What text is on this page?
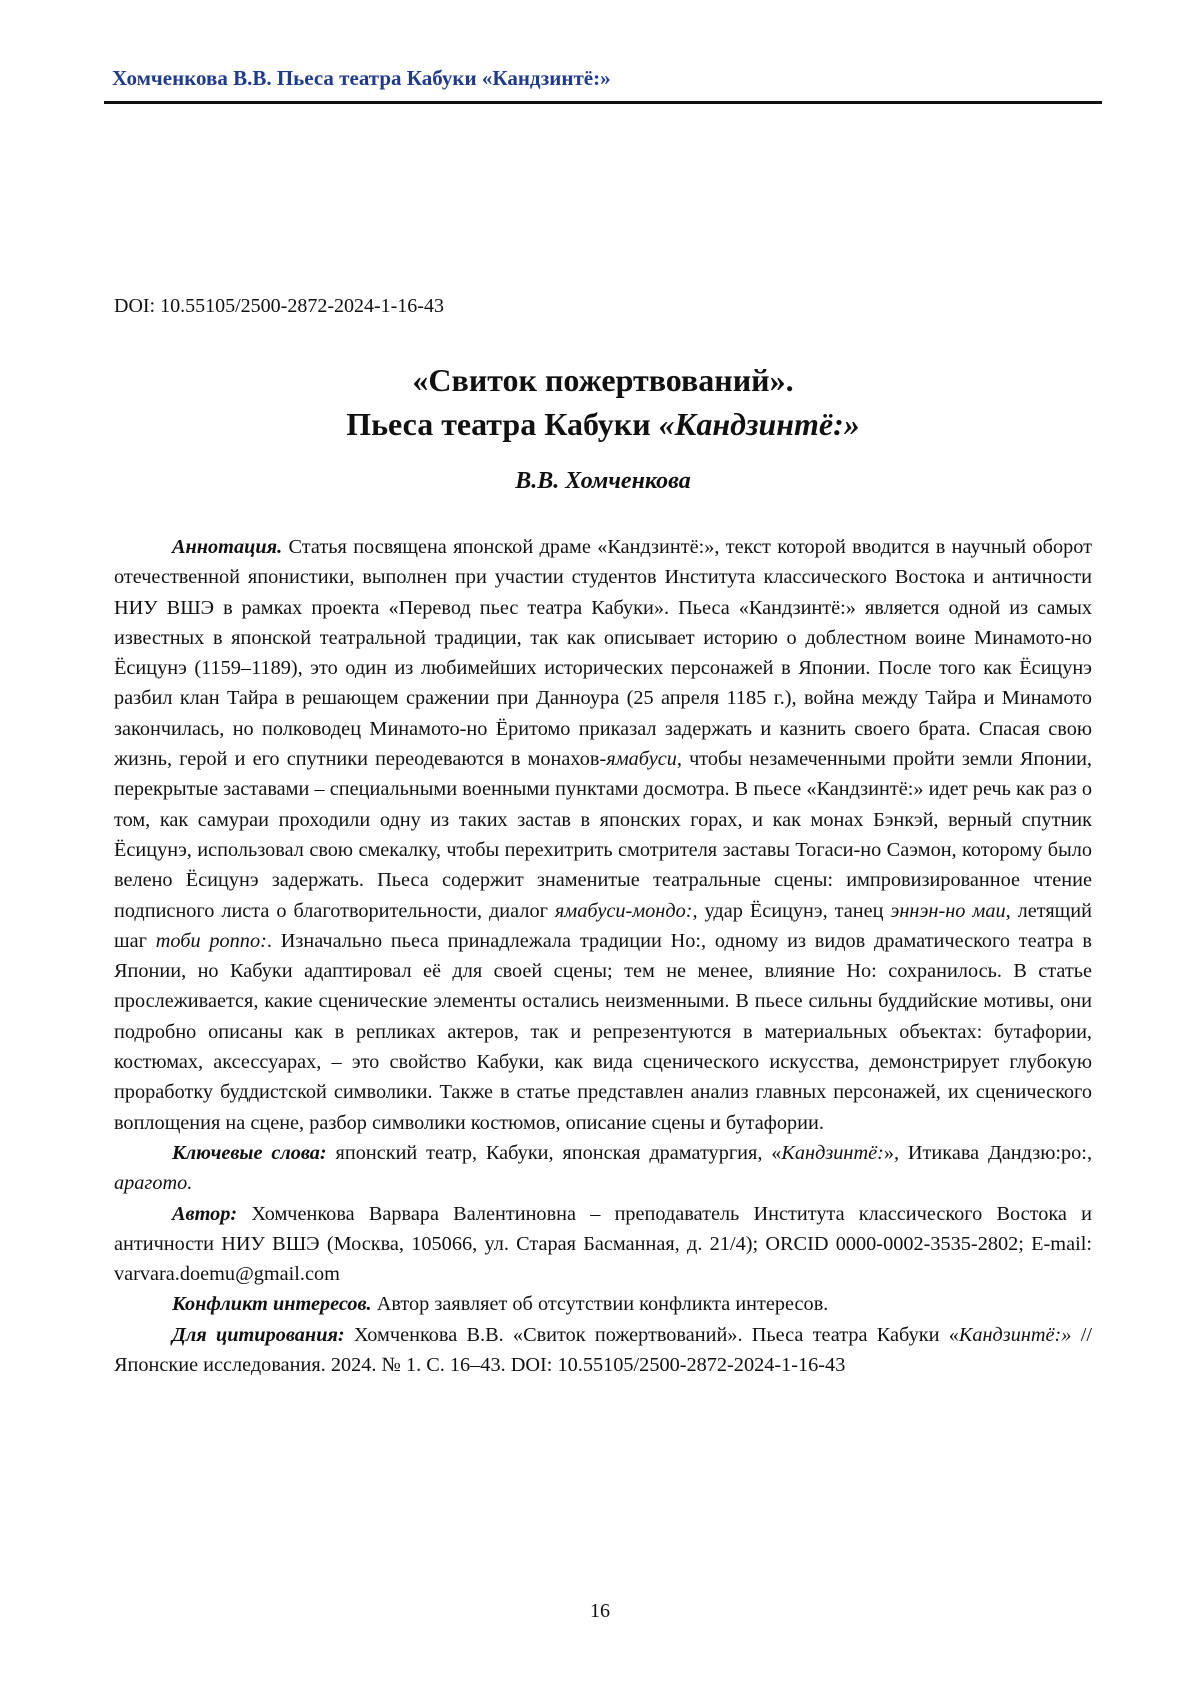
Хомченкова В.В. Пьеса театра Кабуки «Кандзинтё:»
DOI: 10.55105/2500-2872-2024-1-16-43
«Свиток пожертвований».
Пьеса театра Кабуки «Кандзинтё:»
В.В. Хомченкова

Аннотация. Статья посвящена японской драме «Кандзинтё:», текст которой вводится в научный оборот отечественной японистики, выполнен при участии студентов Института классического Востока и античности НИУ ВШЭ в рамках проекта «Перевод пьес театра Кабуки». Пьеса «Кандзинтё:» является одной из самых известных в японской театральной традиции, так как описывает историю о доблестном воине Минамото-но Ёсицунэ (1159–1189), это один из любимейших исторических персонажей в Японии. После того как Ёсицунэ разбил клан Тайра в решающем сражении при Данноура (25 апреля 1185 г.), война между Тайра и Минамото закончилась, но полководец Минамото-но Ёритомо приказал задержать и казнить своего брата. Спасая свою жизнь, герой и его спутники переодеваются в монахов-ямабуси, чтобы незамеченными пройти земли Японии, перекрытые заставами – специальными военными пунктами досмотра. В пьесе «Кандзинтё:» идет речь как раз о том, как самураи проходили одну из таких застав в японских горах, и как монах Бэнкэй, верный спутник Ёсицунэ, использовал свою смекалку, чтобы перехитрить смотрителя заставы Тогаси-но Саэмон, которому было велено Ёсицунэ задержать. Пьеса содержит знаменитые театральные сцены: импровизированное чтение подписного листа о благотворительности, диалог ямабуси-мондо:, удар Ёсицунэ, танец эннэн-но маи, летящий шаг тоби роппо:. Изначально пьеса принадлежала традиции Но:, одному из видов драматического театра в Японии, но Кабуки адаптировал её для своей сцены; тем не менее, влияние Но: сохранилось. В статье прослеживается, какие сценические элементы остались неизменными. В пьесе сильны буддийские мотивы, они подробно описаны как в репликах актеров, так и репрезентуются в материальных объектах: бутафории, костюмах, аксессуарах, – это свойство Кабуки, как вида сценического искусства, демонстрирует глубокую проработку буддистской символики. Также в статье представлен анализ главных персонажей, их сценического воплощения на сцене, разбор символики костюмов, описание сцены и бутафории.

Ключевые слова: японский театр, Кабуки, японская драматургия, «Кандзинтё:», Итикава Дандзю:ро:, арагото.

Автор: Хомченкова Варвара Валентиновна – преподаватель Института классического Востока и античности НИУ ВШЭ (Москва, 105066, ул. Старая Басманная, д. 21/4); ORCID 0000-0002-3535-2802; E-mail: varvara.doemu@gmail.com

Конфликт интересов. Автор заявляет об отсутствии конфликта интересов.

Для цитирования: Хомченкова В.В. «Свиток пожертвований». Пьеса театра Кабуки «Кандзинтё:» // Японские исследования. 2024. № 1. С. 16–43. DOI: 10.55105/2500-2872-2024-1-16-43

16
